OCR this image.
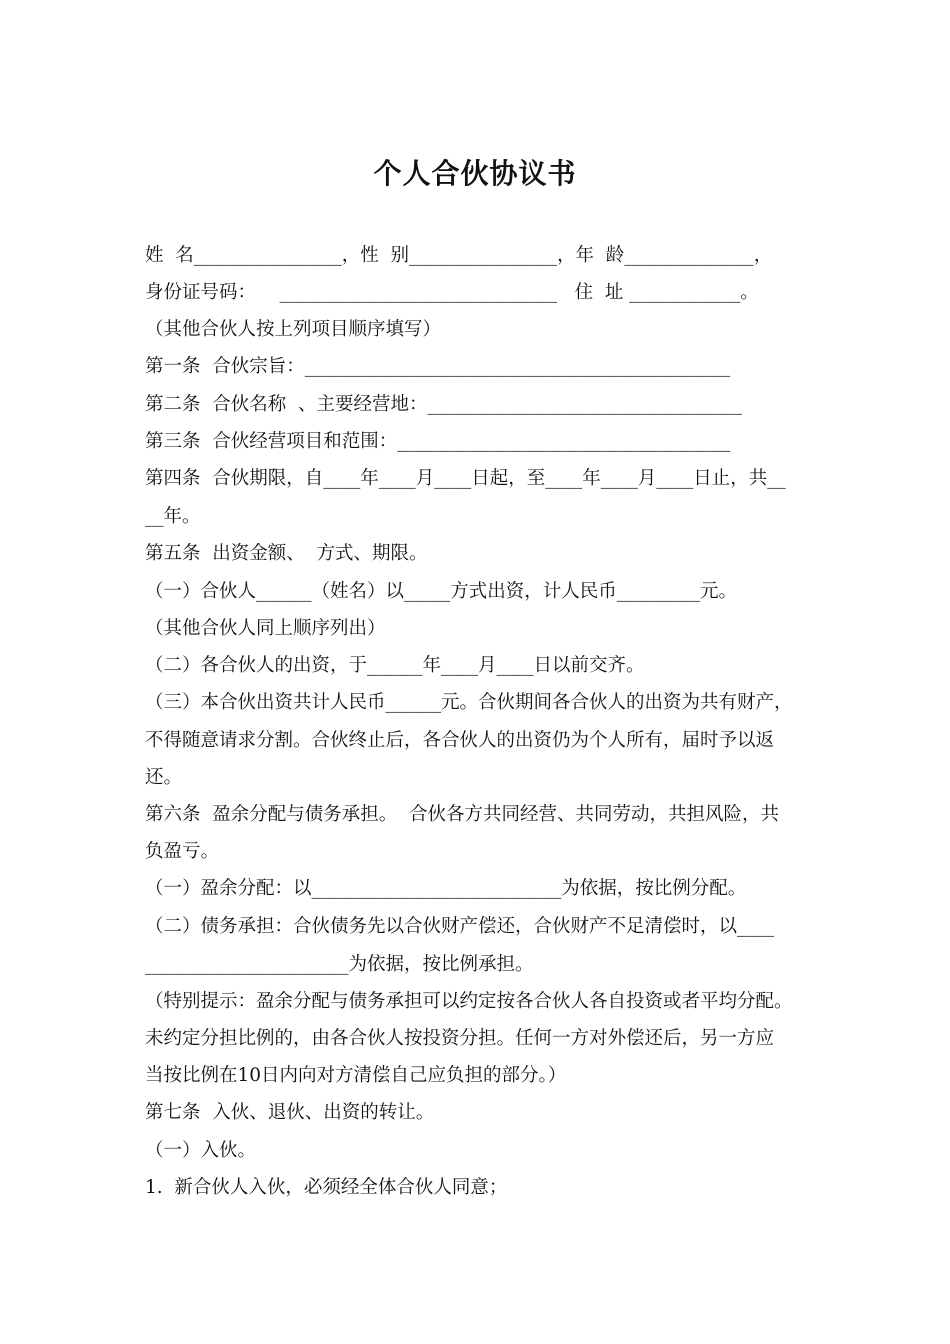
个人合伙协议书
姓  名________________，性  别________________，年  龄______________，
身份证号码：    ______________________________   住  址 ____________。
（其他合伙人按上列项目顺序填写）
第一条  合伙宗旨：______________________________________________
第二条  合伙名称  、主要经营地：__________________________________
第三条  合伙经营项目和范围：____________________________________
第四条  合伙期限，自____年____月____日起，至____年____月____日止，共__
__年。
第五条  出资金额、  方式、期限。
（一）合伙人______（姓名）以_____方式出资，计人民币_________元。
（其他合伙人同上顺序列出）
（二）各合伙人的出资，于______年____月____日以前交齐。
（三）本合伙出资共计人民币______元。合伙期间各合伙人的出资为共有财产，
不得随意请求分割。合伙终止后，各合伙人的出资仍为个人所有，届时予以返
还。
第六条  盈余分配与债务承担。  合伙各方共同经营、共同劳动，共担风险，共
负盈亏。
（一）盈余分配：以___________________________为依据，按比例分配。
（二）债务承担：合伙债务先以合伙财产偿还，合伙财产不足清偿时，以____
______________________为依据，按比例承担。
（特别提示：盈余分配与债务承担可以约定按各合伙人各自投资或者平均分配。
未约定分担比例的，由各合伙人按投资分担。任何一方对外偿还后，另一方应
当按比例在10日内向对方清偿自己应负担的部分。）
第七条  入伙、退伙、出资的转让。
（一）入伙。
1.  新合伙人入伙，必须经全体合伙人同意；
